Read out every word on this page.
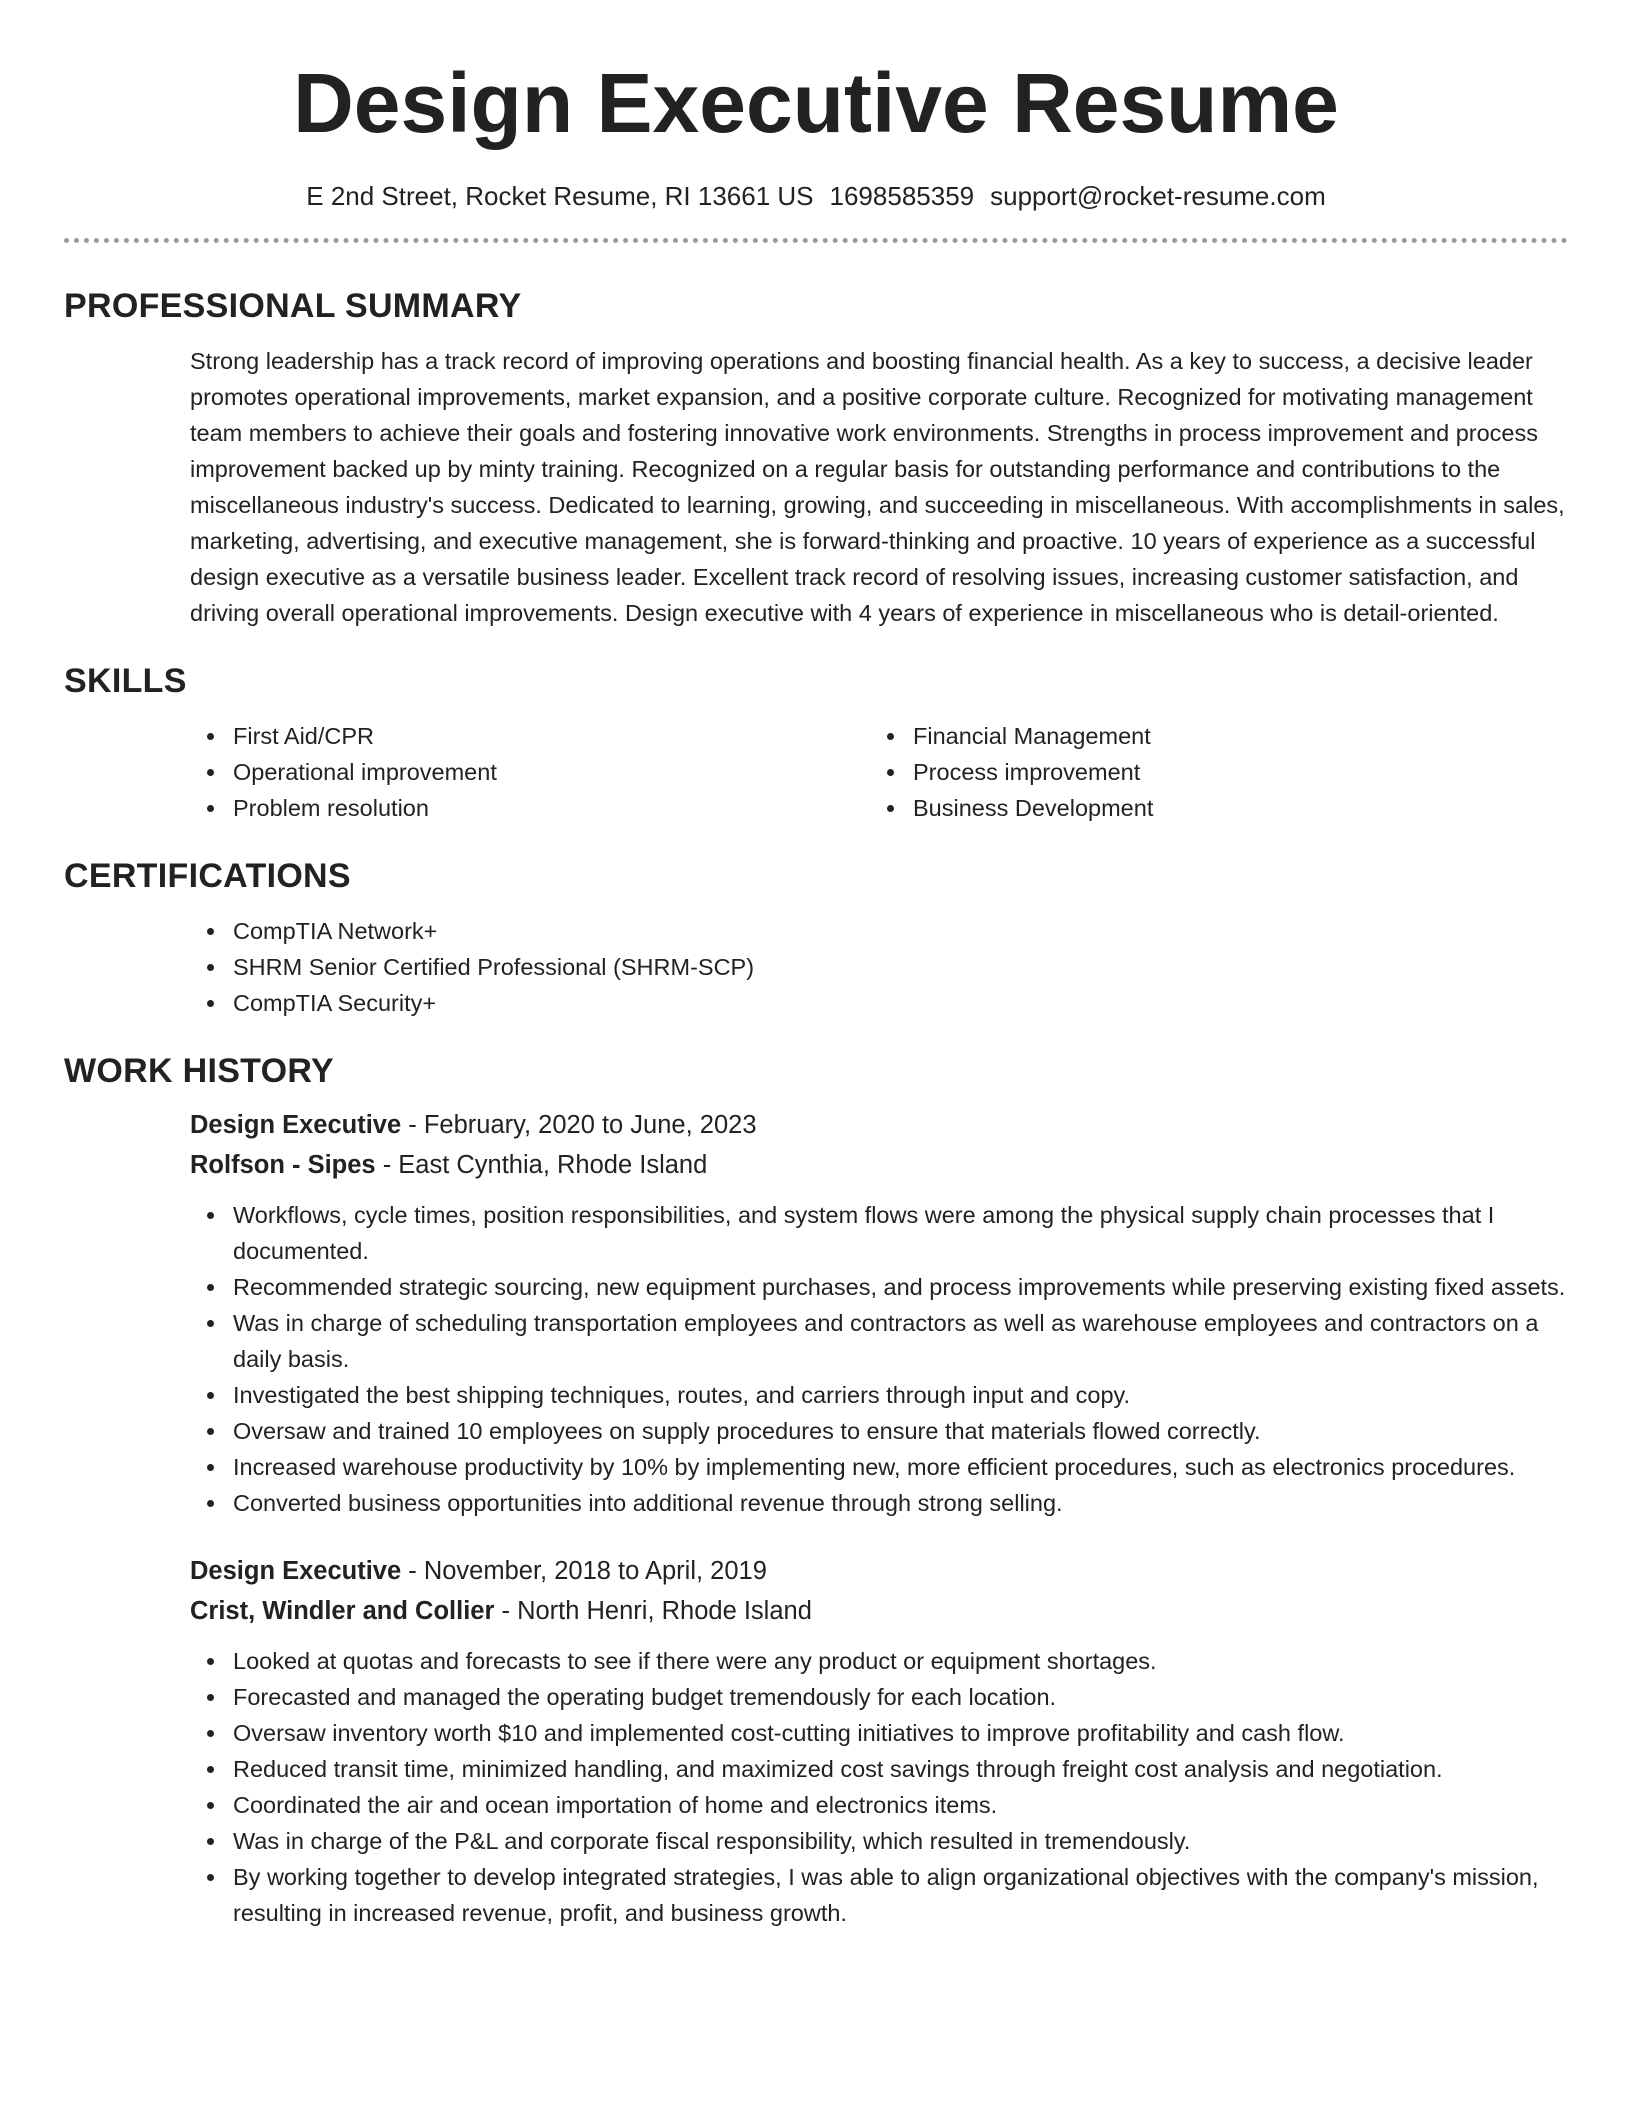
Design Executive Resume
E 2nd Street, Rocket Resume, RI 13661 US 1698585359 support@rocket-resume.com
PROFESSIONAL SUMMARY
Strong leadership has a track record of improving operations and boosting financial health. As a key to success, a decisive leader promotes operational improvements, market expansion, and a positive corporate culture. Recognized for motivating management team members to achieve their goals and fostering innovative work environments. Strengths in process improvement and process improvement backed up by minty training. Recognized on a regular basis for outstanding performance and contributions to the miscellaneous industry's success. Dedicated to learning, growing, and succeeding in miscellaneous. With accomplishments in sales, marketing, advertising, and executive management, she is forward-thinking and proactive. 10 years of experience as a successful design executive as a versatile business leader. Excellent track record of resolving issues, increasing customer satisfaction, and driving overall operational improvements. Design executive with 4 years of experience in miscellaneous who is detail-oriented.
SKILLS
First Aid/CPR
Operational improvement
Problem resolution
Financial Management
Process improvement
Business Development
CERTIFICATIONS
CompTIA Network+
SHRM Senior Certified Professional (SHRM-SCP)
CompTIA Security+
WORK HISTORY
Design Executive - February, 2020 to June, 2023
Rolfson - Sipes - East Cynthia, Rhode Island
Workflows, cycle times, position responsibilities, and system flows were among the physical supply chain processes that I documented.
Recommended strategic sourcing, new equipment purchases, and process improvements while preserving existing fixed assets.
Was in charge of scheduling transportation employees and contractors as well as warehouse employees and contractors on a daily basis.
Investigated the best shipping techniques, routes, and carriers through input and copy.
Oversaw and trained 10 employees on supply procedures to ensure that materials flowed correctly.
Increased warehouse productivity by 10% by implementing new, more efficient procedures, such as electronics procedures.
Converted business opportunities into additional revenue through strong selling.
Design Executive - November, 2018 to April, 2019
Crist, Windler and Collier - North Henri, Rhode Island
Looked at quotas and forecasts to see if there were any product or equipment shortages.
Forecasted and managed the operating budget tremendously for each location.
Oversaw inventory worth $10 and implemented cost-cutting initiatives to improve profitability and cash flow.
Reduced transit time, minimized handling, and maximized cost savings through freight cost analysis and negotiation.
Coordinated the air and ocean importation of home and electronics items.
Was in charge of the P&L and corporate fiscal responsibility, which resulted in tremendously.
By working together to develop integrated strategies, I was able to align organizational objectives with the company's mission, resulting in increased revenue, profit, and business growth.
